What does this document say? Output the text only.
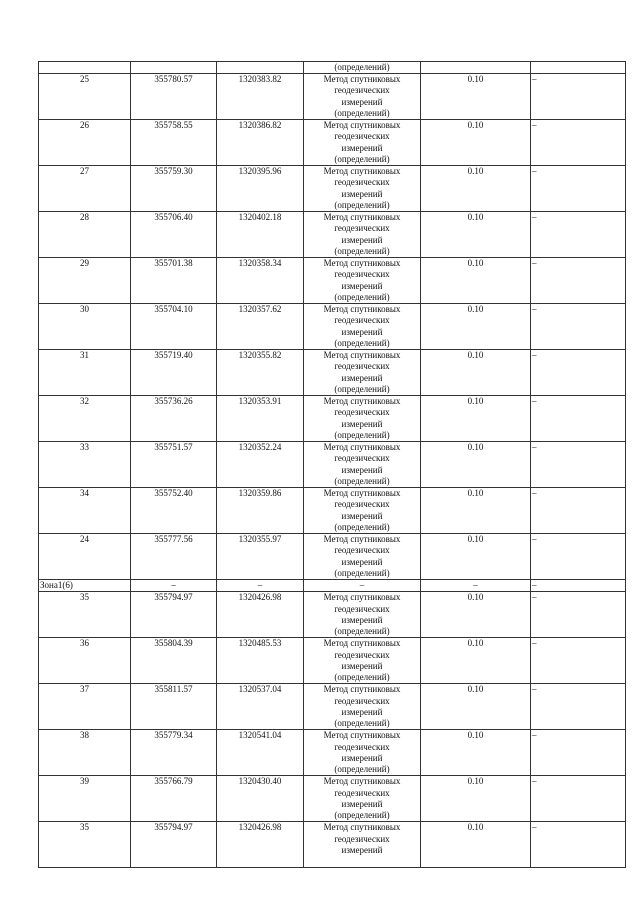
			(определений)		
25	355780.57	1320383.82	Метод спутниковых
геодезических
измерений
(определений)	0.10	–
26	355758.55	1320386.82	Метод спутниковых
геодезических
измерений
(определений)	0.10	–
27	355759.30	1320395.96	Метод спутниковых
геодезических
измерений
(определений)	0.10	–
28	355706.40	1320402.18	Метод спутниковых
геодезических
измерений
(определений)	0.10	–
29	355701.38	1320358.34	Метод спутниковых
геодезических
измерений
(определений)	0.10	–
30	355704.10	1320357.62	Метод спутниковых
геодезических
измерений
(определений)	0.10	–
31	355719.40	1320355.82	Метод спутниковых
геодезических
измерений
(определений)	0.10	–
32	355736.26	1320353.91	Метод спутниковых
геодезических
измерений
(определений)	0.10	–
33	355751.57	1320352.24	Метод спутниковых
геодезических
измерений
(определений)	0.10	–
34	355752.40	1320359.86	Метод спутниковых
геодезических
измерений
(определений)	0.10	–
24	355777.56	1320355.97	Метод спутниковых
геодезических
измерений
(определений)	0.10	–
Зона1(6)	–	–	–	–	–
35	355794.97	1320426.98	Метод спутниковых
геодезических
измерений
(определений)	0.10	–
36	355804.39	1320485.53	Метод спутниковых
геодезических
измерений
(определений)	0.10	–
37	355811.57	1320537.04	Метод спутниковых
геодезических
измерений
(определений)	0.10	–
38	355779.34	1320541.04	Метод спутниковых
геодезических
измерений
(определений)	0.10	–
39	355766.79	1320430.40	Метод спутниковых
геодезических
измерений
(определений)	0.10	–
35	355794.97	1320426.98	Метод спутниковых
геодезических
измерений	0.10	–
